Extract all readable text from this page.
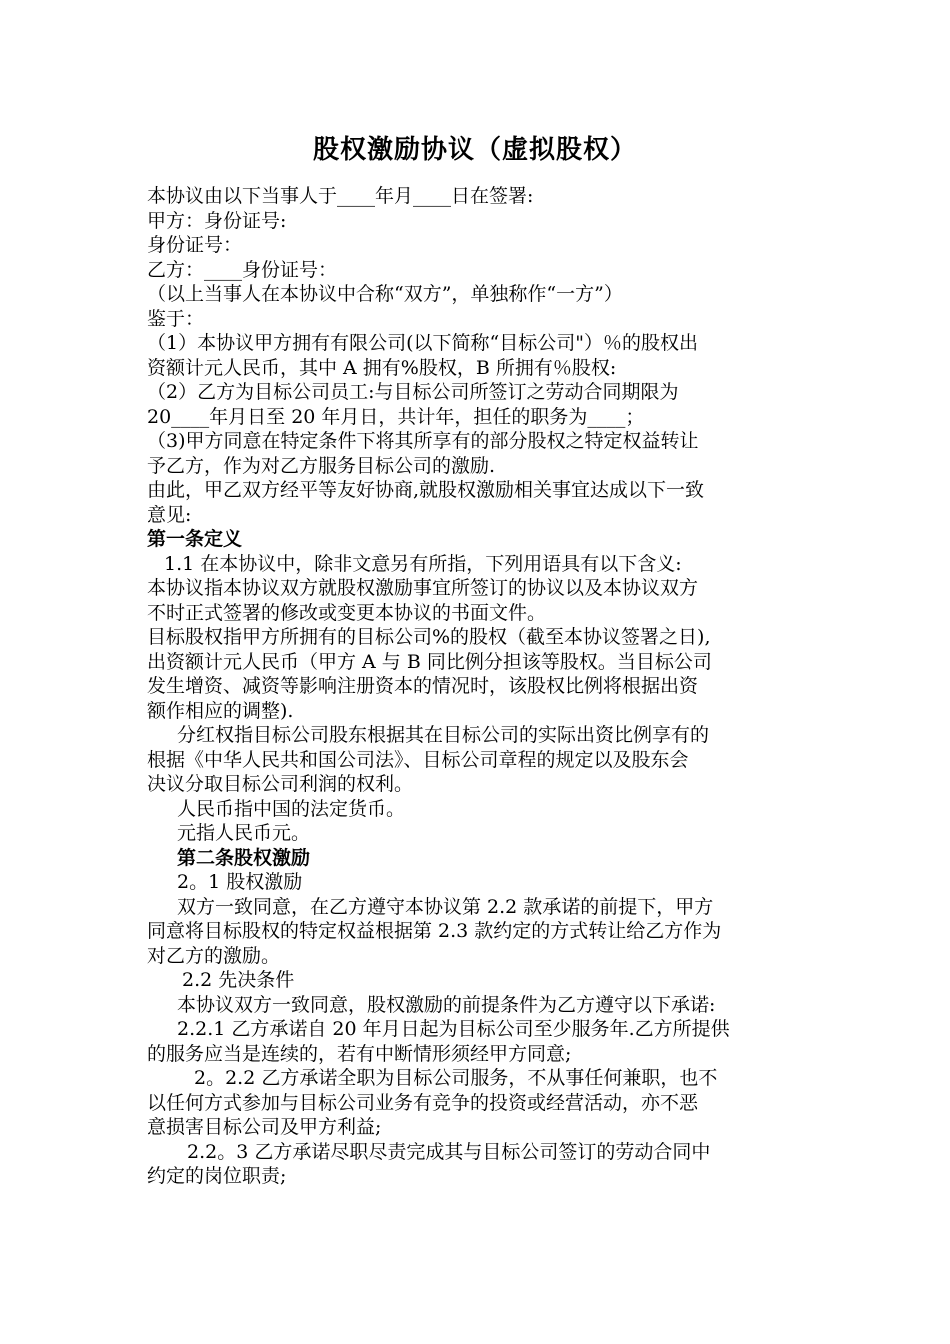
股权激励协议（虚拟股权）

本协议由以下当事人于____年月____日在签署:

甲方：身份证号:

身份证号：

乙方：____身份证号：

（以上当事人在本协议中合称“双方”，单独称作“一方”）

鉴于：

（1）本协议甲方拥有有限公司(以下简称“目标公司"）％的股权出

资额计元人民币，其中 A 拥有%股权，B 所拥有％股权:

（2）乙方为目标公司员工:与目标公司所签订之劳动合同期限为

20____年月日至 20 年月日，共计年，担任的职务为____；

（3)甲方同意在特定条件下将其所享有的部分股权之特定权益转让

予乙方，作为对乙方服务目标公司的激励.

由此，甲乙双方经平等友好协商,就股权激励相关事宜达成以下一致

意见:

第一条定义

1.1 在本协议中，除非文意另有所指，下列用语具有以下含义:

本协议指本协议双方就股权激励事宜所签订的协议以及本协议双方

不时正式签署的修改或变更本协议的书面文件。

目标股权指甲方所拥有的目标公司%的股权（截至本协议签署之日),

出资额计元人民币（甲方 A 与 B 同比例分担该等股权。当目标公司

发生增资、减资等影响注册资本的情况时，该股权比例将根据出资

额作相应的调整).

分红权指目标公司股东根据其在目标公司的实际出资比例享有的

根据《中华人民共和国公司法》、目标公司章程的规定以及股东会

决议分取目标公司利润的权利。

人民币指中国的法定货币。

元指人民币元。

第二条股权激励

2。1 股权激励

双方一致同意，在乙方遵守本协议第 2.2 款承诺的前提下，甲方

同意将目标股权的特定权益根据第 2.3 款约定的方式转让给乙方作为

对乙方的激励。

2.2 先决条件

本协议双方一致同意，股权激励的前提条件为乙方遵守以下承诺:

2.2.1 乙方承诺自 20 年月日起为目标公司至少服务年.乙方所提供

的服务应当是连续的，若有中断情形须经甲方同意;

2。2.2 乙方承诺全职为目标公司服务，不从事任何兼职，也不

以任何方式参加与目标公司业务有竞争的投资或经营活动，亦不恶

意损害目标公司及甲方利益;

2.2。3 乙方承诺尽职尽责完成其与目标公司签订的劳动合同中

约定的岗位职责;
